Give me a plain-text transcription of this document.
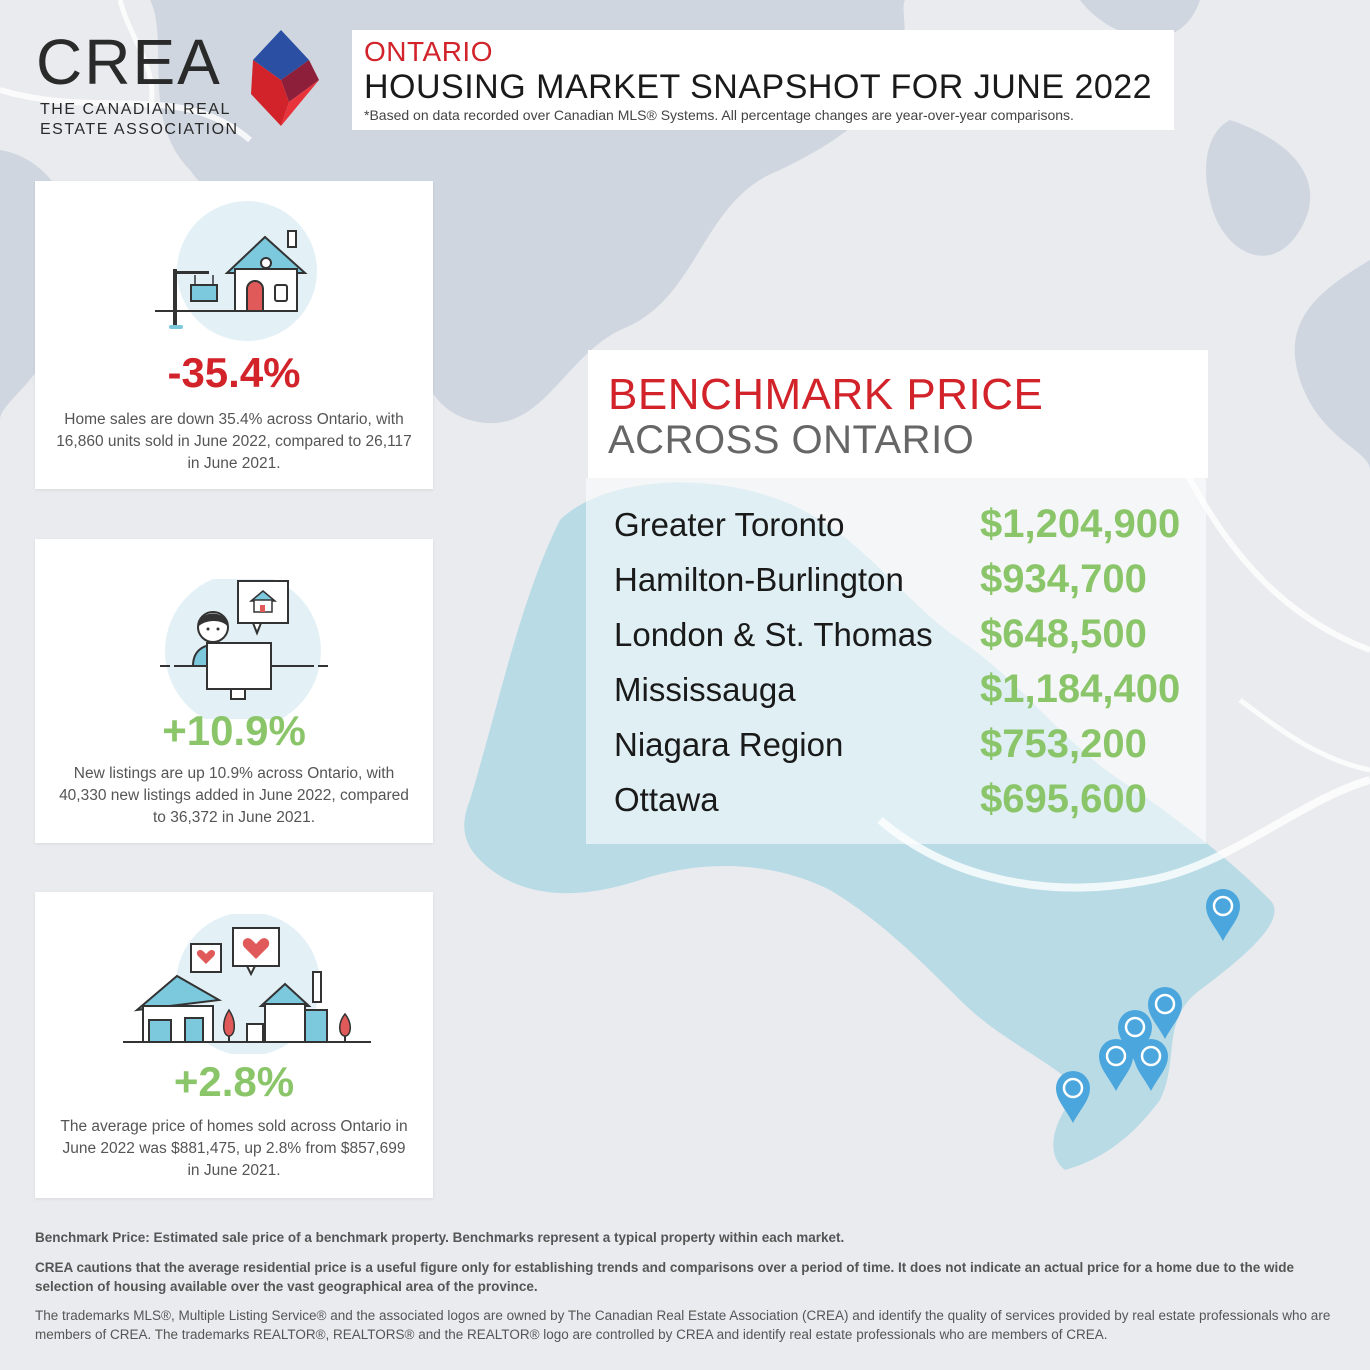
CREA
THE CANADIAN REAL
ESTATE ASSOCIATION
ONTARIO
HOUSING MARKET SNAPSHOT FOR JUNE 2022
*Based on data recorded over Canadian MLS® Systems. All percentage changes are year-over-year comparisons.
-35.4%
Home sales are down 35.4% across Ontario, with 16,860 units sold in June 2022, compared to 26,117 in June 2021.
+10.9%
New listings are up 10.9% across Ontario, with 40,330 new listings added in June 2022, compared to 36,372 in June 2021.
+2.8%
The average price of homes sold across Ontario in June 2022 was $881,475, up 2.8% from $857,699 in June 2021.
BENCHMARK PRICE
ACROSS ONTARIO
Greater Toronto	$1,204,900
Hamilton-Burlington $934,700
London & St. Thomas $648,500
Mississauga	$1,184,400
Niagara Region	$753,200
Ottawa	$695,600
Benchmark Price: Estimated sale price of a benchmark property. Benchmarks represent a typical property within each market.
CREA cautions that the average residential price is a useful figure only for establishing trends and comparisons over a period of time. It does not indicate an actual price for a home due to the wide selection of housing available over the vast geographical area of the province.
The trademarks MLS®, Multiple Listing Service® and the associated logos are owned by The Canadian Real Estate Association (CREA) and identify the quality of services provided by real estate professionals who are members of CREA. The trademarks REALTOR®, REALTORS® and the REALTOR® logo are controlled by CREA and identify real estate professionals who are members of CREA.
